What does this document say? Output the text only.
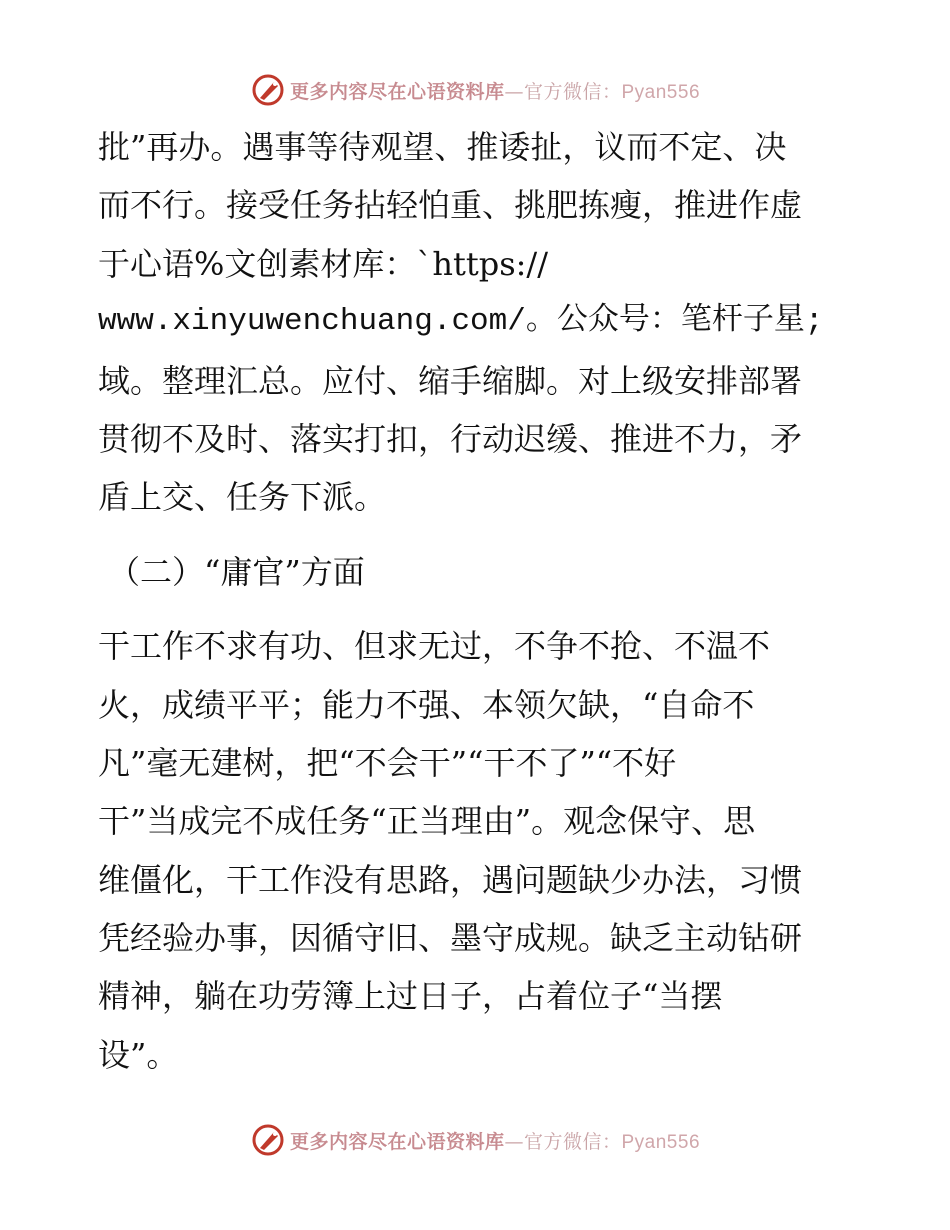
更多内容尽在心语资料库—官方微信：Pyan556
批”再办。遇事等待观望、推诿扯，议而不定、决
而不行。接受任务拈轻怕重、挑肥拣瘦，推进作虚
于心语%文创素材库：`https://
www.xinyuwenchuang.com/。公众号：笔杆子星;
域。整理汇总。应付、缩手缩脚。对上级安排部署
贯彻不及时、落实打扣，行动迟缓、推进不力，矛
盾上交、任务下派。
（二）“庸官”方面
干工作不求有功、但求无过，不争不抢、不温不
火，成绩平平；能力不强、本领欠缺，“自命不
凡”毫无建树，把“不会干”“干不了”“不好
干”当成完不成任务“正当理由”。观念保守、思
维僵化，干工作没有思路，遇问题缺少办法，习惯
凭经验办事，因循守旧、墨守成规。缺乏主动钻研
精神，躺在功劳簿上过日子，占着位子“当摆
设”。
更多内容尽在心语资料库—官方微信：Pyan556
